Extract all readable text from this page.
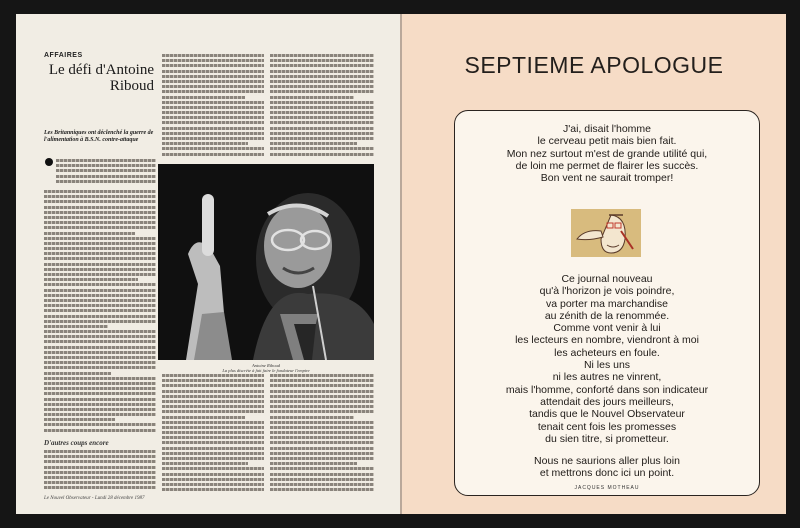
AFFAIRES
Le défi d'Antoine Riboud
Les Britanniques ont déclenché la guerre de l'alimentation à B.S.N. contre-attaque
D'autres coups encore
Antoine Riboud
La plus discrète à fait faire le fondateur l'empire
Le Nouvel Observateur - Lundi 28 décembre 1987
SEPTIEME APOLOGUE
J'ai, disait l'homme
le cerveau petit mais bien fait.
Mon nez surtout m'est de grande utilité qui,
de loin me permet de flairer les succès.
Bon vent ne saurait tromper!
Ce journal nouveau
qu'à l'horizon je vois poindre,
va porter ma marchandise
au zénith de la renommée.
Comme vont venir à lui
les lecteurs en nombre, viendront à moi
les acheteurs en foule.
Ni les uns
ni les autres ne vinrent,
mais l'homme, conforté dans son indicateur
attendait des jours meilleurs,
tandis que le Nouvel Observateur
tenait cent fois les promesses
du sien titre, si prometteur.
Nous ne saurions aller plus loin
et mettrons donc ici un point.
JACQUES MOTHEAU
